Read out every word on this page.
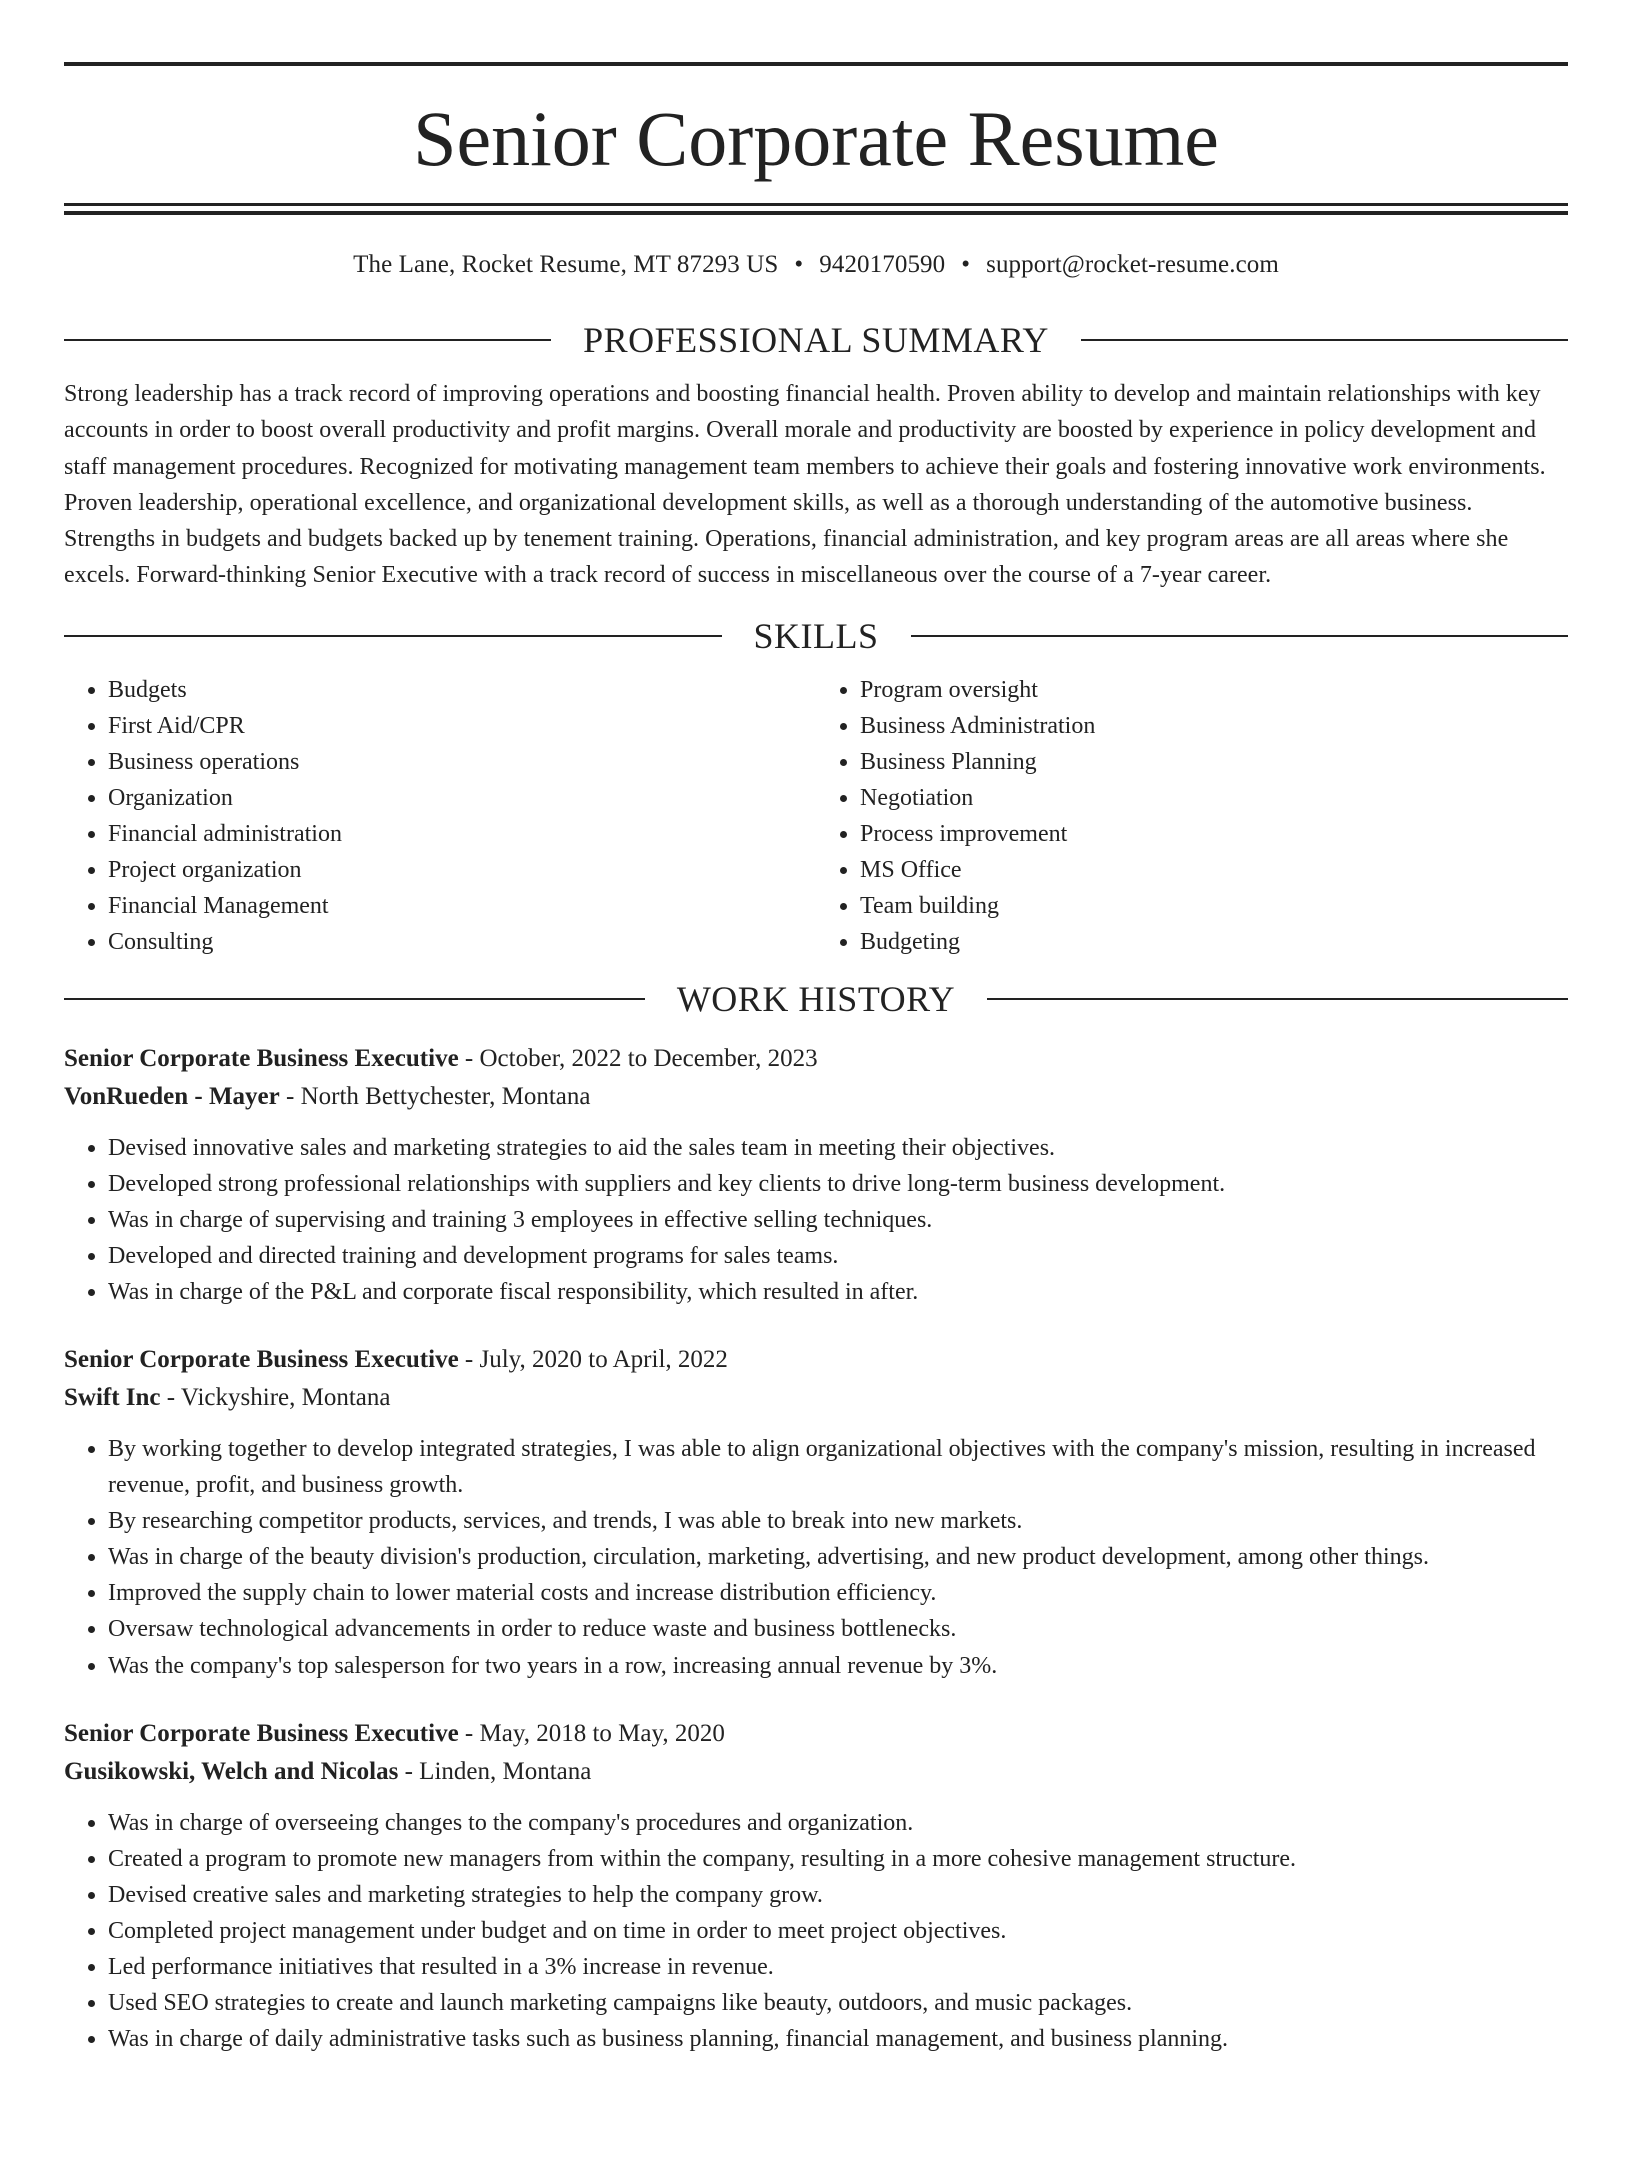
Senior Corporate Resume
The Lane, Rocket Resume, MT 87293 US • 9420170590 • support@rocket-resume.com
PROFESSIONAL SUMMARY

Strong leadership has a track record of improving operations and boosting financial health. Proven ability to develop and maintain relationships with key accounts in order to boost overall productivity and profit margins. Overall morale and productivity are boosted by experience in policy development and staff management procedures. Recognized for motivating management team members to achieve their goals and fostering innovative work environments. Proven leadership, operational excellence, and organizational development skills, as well as a thorough understanding of the automotive business. Strengths in budgets and budgets backed up by tenement training. Operations, financial administration, and key program areas are all areas where she excels. Forward-thinking Senior Executive with a track record of success in miscellaneous over the course of a 7-year career.

SKILLS
• Budgets
• First Aid/CPR
• Business operations
• Organization
• Financial administration
• Project organization
• Financial Management
• Consulting
• Program oversight
• Business Administration
• Business Planning
• Negotiation
• Process improvement
• MS Office
• Team building
• Budgeting
WORK HISTORY
Senior Corporate Business Executive - October, 2022 to December, 2023
VonRueden - Mayer - North Bettychester, Montana
• Devised innovative sales and marketing strategies to aid the sales team in meeting their objectives.
• Developed strong professional relationships with suppliers and key clients to drive long-term business development.
• Was in charge of supervising and training 3 employees in effective selling techniques.
• Developed and directed training and development programs for sales teams.
• Was in charge of the P&L and corporate fiscal responsibility, which resulted in after.
Senior Corporate Business Executive - July, 2020 to April, 2022
Swift Inc - Vickyshire, Montana
• By working together to develop integrated strategies, I was able to align organizational objectives with the company's mission, resulting in increased revenue, profit, and business growth.
• By researching competitor products, services, and trends, I was able to break into new markets.
• Was in charge of the beauty division's production, circulation, marketing, advertising, and new product development, among other things.
• Improved the supply chain to lower material costs and increase distribution efficiency.
• Oversaw technological advancements in order to reduce waste and business bottlenecks.
• Was the company's top salesperson for two years in a row, increasing annual revenue by 3%.
Senior Corporate Business Executive - May, 2018 to May, 2020
Gusikowski, Welch and Nicolas - Linden, Montana
• Was in charge of overseeing changes to the company's procedures and organization.
• Created a program to promote new managers from within the company, resulting in a more cohesive management structure.
• Devised creative sales and marketing strategies to help the company grow.
• Completed project management under budget and on time in order to meet project objectives.
• Led performance initiatives that resulted in a 3% increase in revenue.
• Used SEO strategies to create and launch marketing campaigns like beauty, outdoors, and music packages.
• Was in charge of daily administrative tasks such as business planning, financial management, and business planning.
